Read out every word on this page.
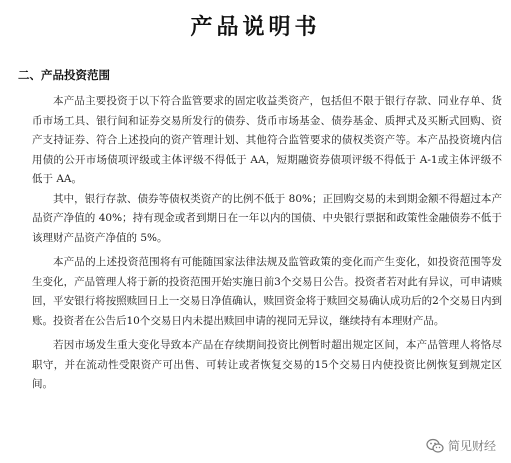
产品说明书
二、产品投资范围

本产品主要投资于以下符合监管要求的固定收益类资产，包括但不限于银行存款、同业存单、货币市场工具、银行间和证券交易所发行的债券、货币市场基金、债券基金、质押式及买断式回购、资产支持证券、符合上述投向的资产管理计划、其他符合监管要求的债权类资产等。本产品投资境内信用债的公开市场债项评级或主体评级不得低于 AA，短期融资券债项评级不得低于 A-1或主体评级不低于 AA。

其中，银行存款、债券等债权类资产的比例不低于 80%；正回购交易的未到期金额不得超过本产品资产净值的 40%；持有现金或者到期日在一年以内的国债、中央银行票据和政策性金融债券不低于该理财产品资产净值的 5%。

本产品的上述投资范围将有可能随国家法律法规及监管政策的变化而产生变化，如投资范围等发生变化，产品管理人将于新的投资范围开始实施日前3个交易日公告。投资者若对此有异议，可申请赎回，平安银行将按照赎回日上一交易日净值确认，赎回资金将于赎回交易确认成功后的2个交易日内到账。投资者在公告后10个交易日内未提出赎回申请的视同无异议，继续持有本理财产品。

若因市场发生重大变化导致本产品在存续期间投资比例暂时超出规定区间，本产品管理人将恪尽职守，并在流动性受限资产可出售、可转让或者恢复交易的15个交易日内使投资比例恢复到规定区间。

简见财经
